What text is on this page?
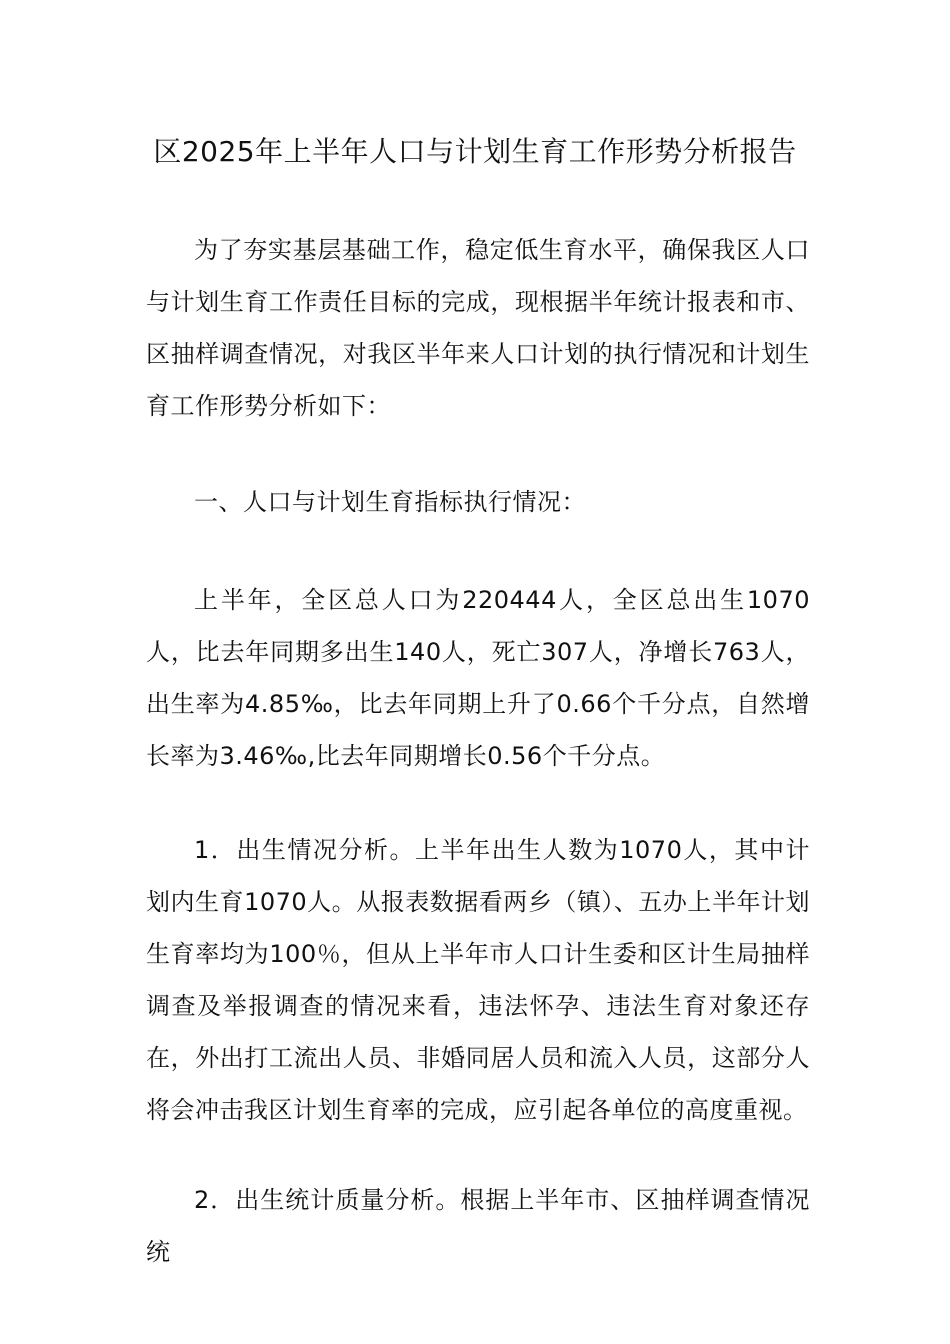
区2025年上半年人口与计划生育工作形势分析报告

为了夯实基层基础工作，稳定低生育水平，确保我区人口与计划生育工作责任目标的完成，现根据半年统计报表和市、区抽样调查情况，对我区半年来人口计划的执行情况和计划生育工作形势分析如下：

一、人口与计划生育指标执行情况：

上半年，全区总人口为220444人，全区总出生1070人，比去年同期多出生140人，死亡307人，净增长763人，出生率为4.85‰，比去年同期上升了0.66个千分点，自然增长率为3.46‰,比去年同期增长0.56个千分点。

1．出生情况分析。上半年出生人数为1070人，其中计划内生育1070人。从报表数据看两乡（镇）、五办上半年计划生育率均为100％，但从上半年市人口计生委和区计生局抽样调查及举报调查的情况来看，违法怀孕、违法生育对象还存在，外出打工流出人员、非婚同居人员和流入人员，这部分人将会冲击我区计划生育率的完成，应引起各单位的高度重视。

2．出生统计质量分析。根据上半年市、区抽样调查情况统
